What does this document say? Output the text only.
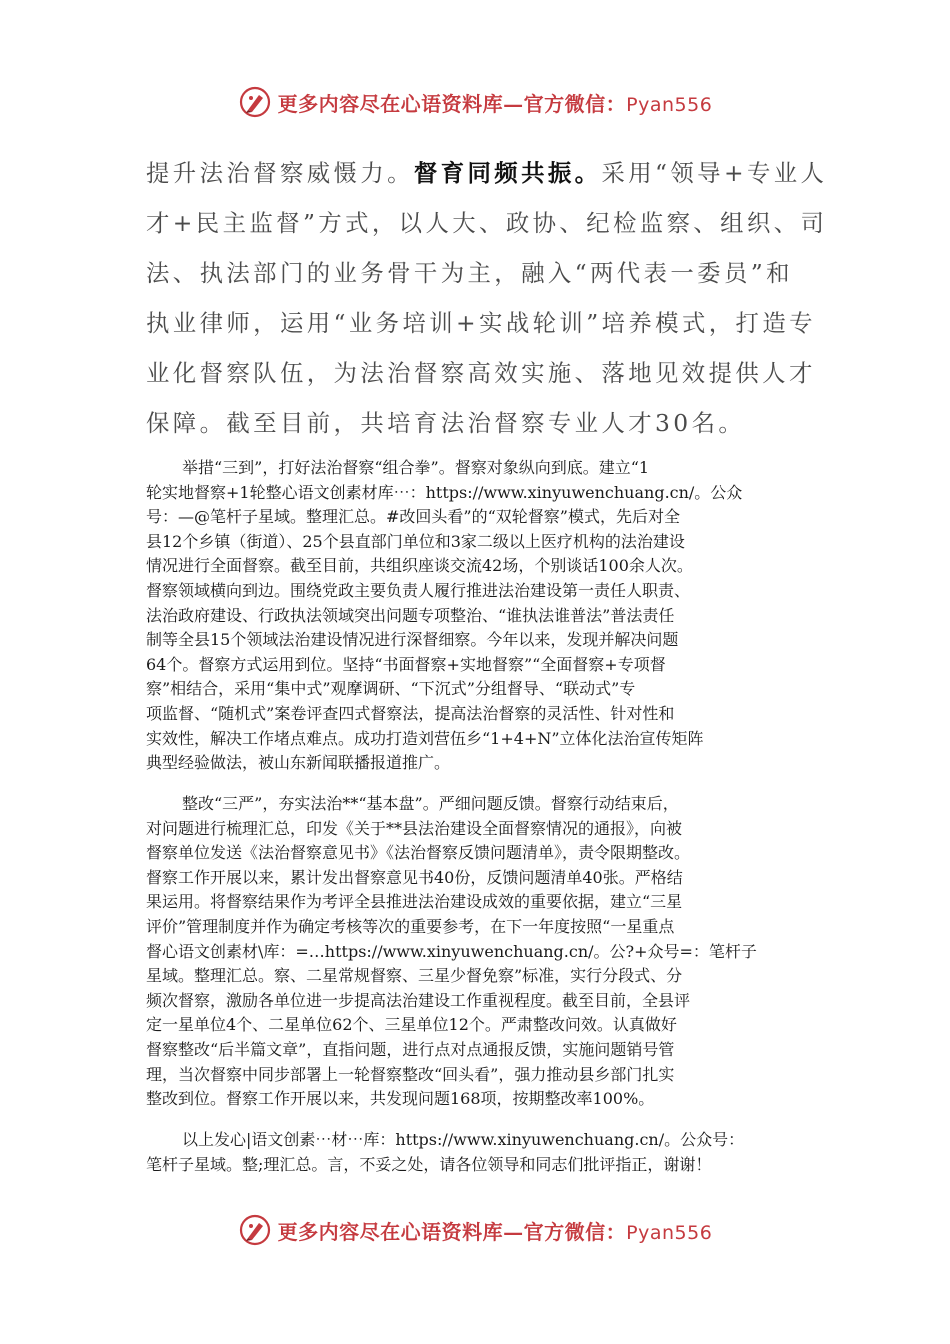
更多内容尽在心语资料库—官方微信：Pyan556
提升法治督察威慑力。督育同频共振。采用“领导+专业人
才+民主监督”方式，以人大、政协、纪检监察、组织、司
法、执法部门的业务骨干为主，融入“两代表一委员”和
执业律师，运用“业务培训+实战轮训”培养模式，打造专
业化督察队伍，为法治督察高效实施、落地见效提供人才
保障。截至目前，共培育法治督察专业人才30名。
举措“三到”，打好法治督察“组合拳”。督察对象纵向到底。建立“1
轮实地督察+1轮整心语文创素材库⋯：https://www.xinyuwenchuang.cn/。公众
号：—@笔杆子星域。整理汇总。#改回头看”的“双轮督察”模式，先后对全
县12个乡镇（街道）、25个县直部门单位和3家二级以上医疗机构的法治建设
情况进行全面督察。截至目前，共组织座谈交流42场，个别谈话100余人次。
督察领域横向到边。围绕党政主要负责人履行推进法治建设第一责任人职责、
法治政府建设、行政执法领域突出问题专项整治、“谁执法谁普法”普法责任
制等全县15个领域法治建设情况进行深督细察。今年以来，发现并解决问题
64个。督察方式运用到位。坚持“书面督察+实地督察”“全面督察+专项督
察”相结合，采用“集中式”观摩调研、“下沉式”分组督导、“联动式”专
项监督、“随机式”案卷评查四式督察法，提高法治督察的灵活性、针对性和
实效性，解决工作堵点难点。成功打造刘营伍乡“1+4+N”立体化法治宣传矩阵
典型经验做法，被山东新闻联播报道推广。
整改“三严”，夯实法治**“基本盘”。严细问题反馈。督察行动结束后，
对问题进行梳理汇总，印发《关于**县法治建设全面督察情况的通报》，向被
督察单位发送《法治督察意见书》《法治督察反馈问题清单》，责令限期整改。
督察工作开展以来，累计发出督察意见书40份，反馈问题清单40张。严格结
果运用。将督察结果作为考评全县推进法治建设成效的重要依据，建立“三星
评价”管理制度并作为确定考核等次的重要参考，在下一年度按照“一星重点
督心语文创素材\库：=…https://www.xinyuwenchuang.cn/。公?+众号=：笔杆子
星域。整理汇总。察、二星常规督察、三星少督免察”标准，实行分段式、分
频次督察，激励各单位进一步提高法治建设工作重视程度。截至目前，全县评
定一星单位4个、二星单位62个、三星单位12个。严肃整改问效。认真做好
督察整改“后半篇文章”，直指问题，进行点对点通报反馈，实施问题销号管
理，当次督察中同步部署上一轮督察整改“回头看”，强力推动县乡部门扎实
整改到位。督察工作开展以来，共发现问题168项，按期整改率100%。
以上发心|语文创素⋯材⋯库：https://www.xinyuwenchuang.cn/。公众号：
笔杆子星域。整;理汇总。言，不妥之处，请各位领导和同志们批评指正，谢谢！
更多内容尽在心语资料库—官方微信：Pyan556
